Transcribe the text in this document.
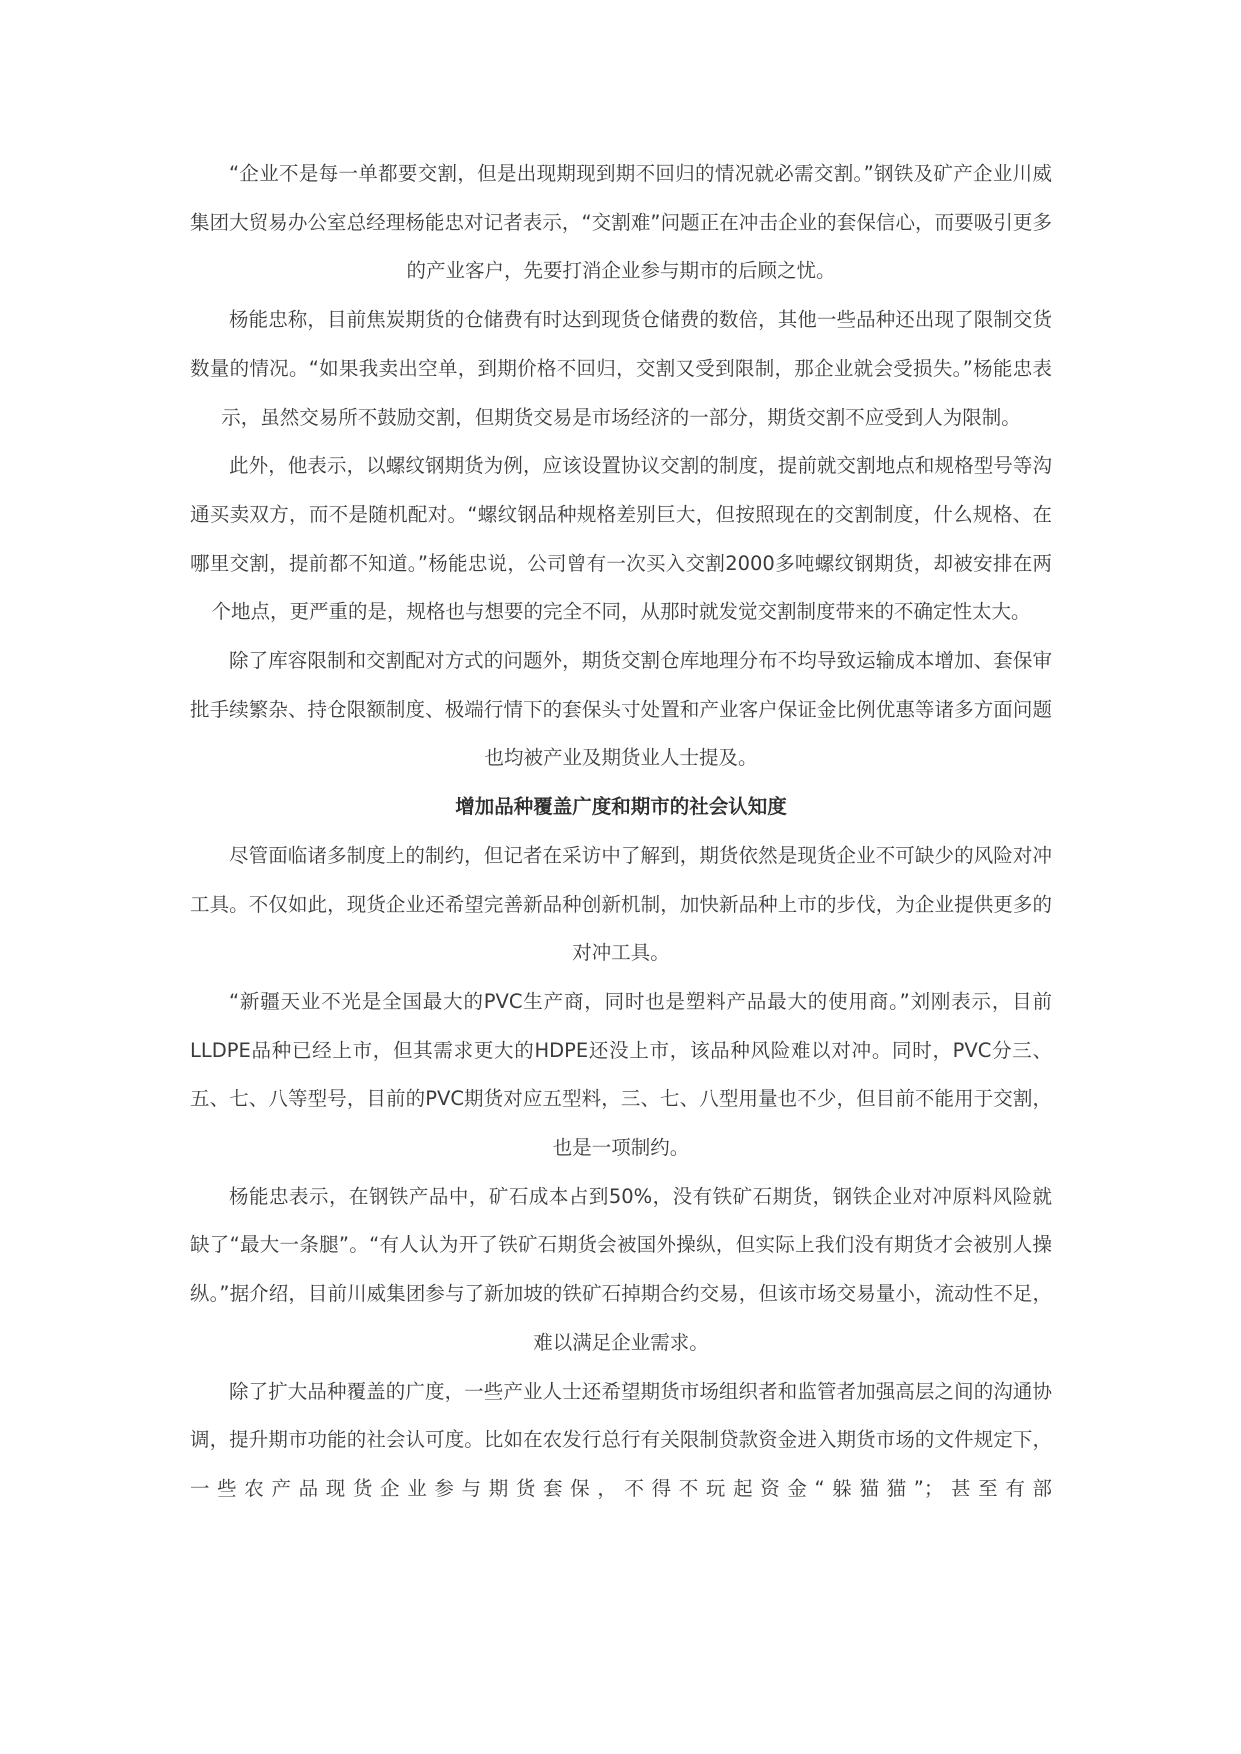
“企业不是每一单都要交割，但是出现期现到期不回归的情况就必需交割。”钢铁及矿产企业川威集团大贸易办公室总经理杨能忠对记者表示，“交割难”问题正在冲击企业的套保信心，而要吸引更多的产业客户，先要打消企业参与期市的后顾之忧。

杨能忠称，目前焦炭期货的仓储费有时达到现货仓储费的数倍，其他一些品种还出现了限制交货数量的情况。“如果我卖出空单，到期价格不回归，交割又受到限制，那企业就会受损失。”杨能忠表示，虽然交易所不鼓励交割，但期货交易是市场经济的一部分，期货交割不应受到人为限制。

此外，他表示，以螺纹钢期货为例，应该设置协议交割的制度，提前就交割地点和规格型号等沟通买卖双方，而不是随机配对。“螺纹钢品种规格差别巨大，但按照现在的交割制度，什么规格、在哪里交割，提前都不知道。”杨能忠说，公司曾有一次买入交割2000多吨螺纹钢期货，却被安排在两个地点，更严重的是，规格也与想要的完全不同，从那时就发觉交割制度带来的不确定性太大。

除了库容限制和交割配对方式的问题外，期货交割仓库地理分布不均导致运输成本增加、套保审批手续繁杂、持仓限额制度、极端行情下的套保头寸处置和产业客户保证金比例优惠等诸多方面问题也均被产业及期货业人士提及。

增加品种覆盖广度和期市的社会认知度

尽管面临诸多制度上的制约，但记者在采访中了解到，期货依然是现货企业不可缺少的风险对冲工具。不仅如此，现货企业还希望完善新品种创新机制，加快新品种上市的步伐，为企业提供更多的对冲工具。

“新疆天业不光是全国最大的PVC生产商，同时也是塑料产品最大的使用商。”刘刚表示，目前LLDPE品种已经上市，但其需求更大的HDPE还没上市，该品种风险难以对冲。同时，PVC分三、五、七、八等型号，目前的PVC期货对应五型料，三、七、八型用量也不少，但目前不能用于交割，也是一项制约。

杨能忠表示，在钢铁产品中，矿石成本占到50%，没有铁矿石期货，钢铁企业对冲原料风险就缺了“最大一条腿”。“有人认为开了铁矿石期货会被国外操纵，但实际上我们没有期货才会被别人操纵。”据介绍，目前川威集团参与了新加坡的铁矿石掉期合约交易，但该市场交易量小，流动性不足，难以满足企业需求。

除了扩大品种覆盖的广度，一些产业人士还希望期货市场组织者和监管者加强高层之间的沟通协调，提升期市功能的社会认可度。比如在农发行总行有关限制贷款资金进入期货市场的文件规定下，一些农产品现货企业参与期货套保，不得不玩起资金“躲猫猫”；甚至有部
